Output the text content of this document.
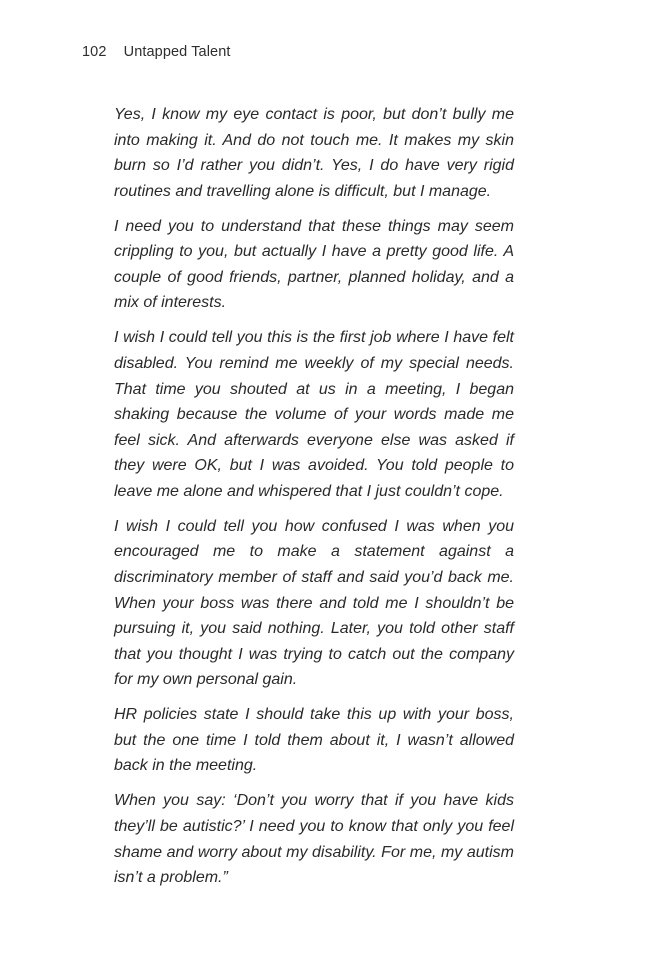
102 Untapped Talent

Yes, I know my eye contact is poor, but don’t bully me into making it. And do not touch me. It makes my skin burn so I’d rather you didn’t. Yes, I do have very rigid routines and travelling alone is difficult, but I manage.

I need you to understand that these things may seem crippling to you, but actually I have a pretty good life. A couple of good friends, partner, planned holiday, and a mix of interests.

I wish I could tell you this is the first job where I have felt disabled. You remind me weekly of my special needs. That time you shouted at us in a meeting, I began shaking because the volume of your words made me feel sick. And afterwards everyone else was asked if they were OK, but I was avoided. You told people to leave me alone and whispered that I just couldn’t cope.

I wish I could tell you how confused I was when you encouraged me to make a statement against a discriminatory member of staff and said you’d back me. When your boss was there and told me I shouldn’t be pursuing it, you said nothing. Later, you told other staff that you thought I was trying to catch out the company for my own personal gain.

HR policies state I should take this up with your boss, but the one time I told them about it, I wasn’t allowed back in the meeting.

When you say: ‘Don’t you worry that if you have kids they’ll be autistic?’ I need you to know that only you feel shame and worry about my disability. For me, my autism isn’t a problem.”
